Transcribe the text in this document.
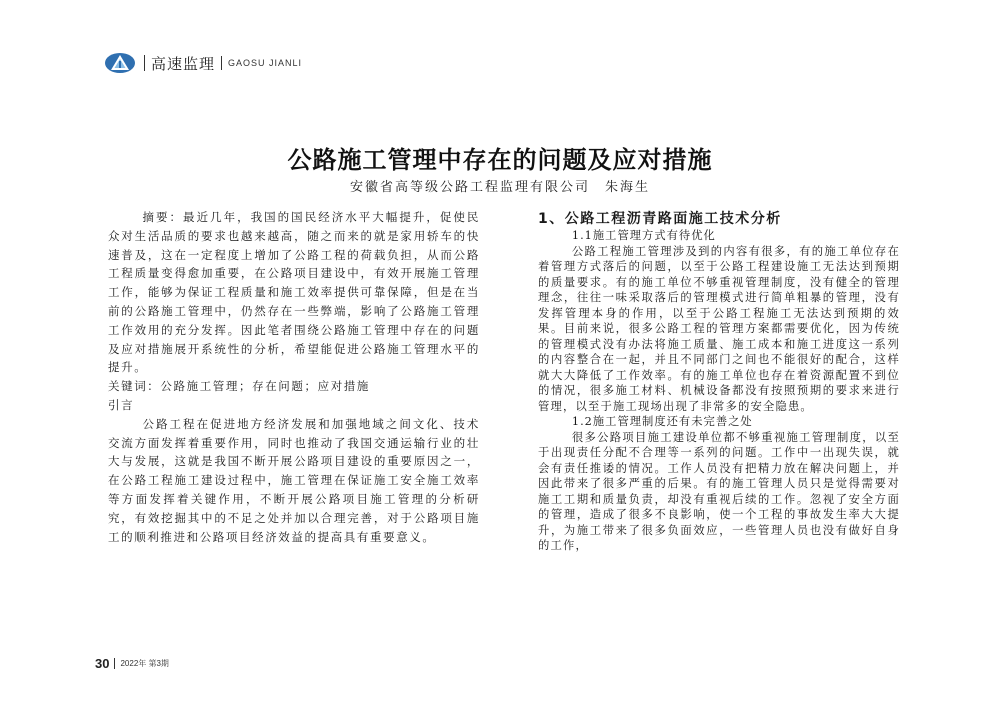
高速监理 GAOSU JIANLI
公路施工管理中存在的问题及应对措施
安徽省高等级公路工程监理有限公司　朱海生

摘要：最近几年，我国的国民经济水平大幅提升，促使民众对生活品质的要求也越来越高，随之而来的就是家用轿车的快速普及，这在一定程度上增加了公路工程的荷载负担，从而公路工程质量变得愈加重要，在公路项目建设中，有效开展施工管理工作，能够为保证工程质量和施工效率提供可靠保障，但是在当前的公路施工管理中，仍然存在一些弊端，影响了公路施工管理工作效用的充分发挥。因此笔者围绕公路施工管理中存在的问题及应对措施展开系统性的分析，希望能促进公路施工管理水平的提升。

关键词：公路施工管理；存在问题；应对措施

引言

公路工程在促进地方经济发展和加强地域之间文化、技术交流方面发挥着重要作用，同时也推动了我国交通运输行业的壮大与发展，这就是我国不断开展公路项目建设的重要原因之一，在公路工程施工建设过程中，施工管理在保证施工安全施工效率等方面发挥着关键作用，不断开展公路项目施工管理的分析研究，有效挖掘其中的不足之处并加以合理完善，对于公路项目施工的顺利推进和公路项目经济效益的提高具有重要意义。

1、公路工程沥青路面施工技术分析

1.1施工管理方式有待优化

公路工程施工管理涉及到的内容有很多，有的施工单位存在着管理方式落后的问题，以至于公路工程建设施工无法达到预期的质量要求。有的施工单位不够重视管理制度，没有健全的管理理念，往往一味采取落后的管理模式进行简单粗暴的管理，没有发挥管理本身的作用，以至于公路工程施工无法达到预期的效果。目前来说，很多公路工程的管理方案都需要优化，因为传统的管理模式没有办法将施工质量、施工成本和施工进度这一系列的内容整合在一起，并且不同部门之间也不能很好的配合，这样就大大降低了工作效率。有的施工单位也存在着资源配置不到位的情况，很多施工材料、机械设备都没有按照预期的要求来进行管理，以至于施工现场出现了非常多的安全隐患。

1.2施工管理制度还有未完善之处

很多公路项目施工建设单位都不够重视施工管理制度，以至于出现责任分配不合理等一系列的问题。工作中一出现失误，就会有责任推诿的情况。工作人员没有把精力放在解决问题上，并因此带来了很多严重的后果。有的施工管理人员只是觉得需要对施工工期和质量负责，却没有重视后续的工作。忽视了安全方面的管理，造成了很多不良影响，使一个工程的事故发生率大大提升，为施工带来了很多负面效应，一些管理人员也没有做好自身的工作，

30 2022年 第3期
